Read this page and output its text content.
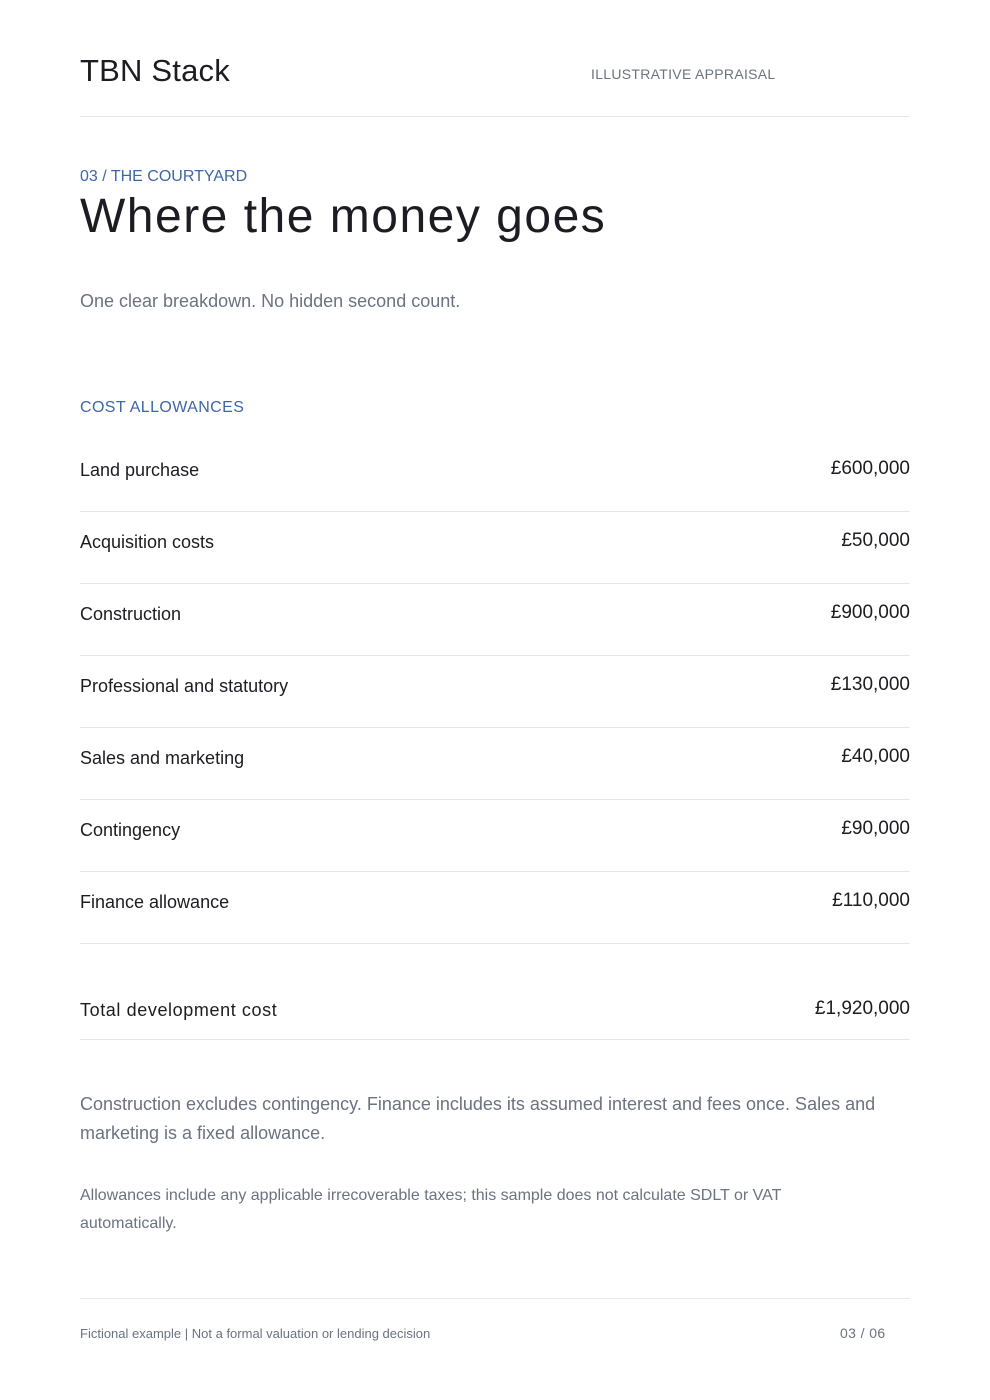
TBN Stack	ILLUSTRATIVE APPRAISAL
03 / THE COURTYARD
Where the money goes
One clear breakdown. No hidden second count.
COST ALLOWANCES
Land purchase	£600,000
Acquisition costs	£50,000
Construction	£900,000
Professional and statutory	£130,000
Sales and marketing	£40,000
Contingency	£90,000
Finance allowance	£110,000
Total development cost	£1,920,000
Construction excludes contingency. Finance includes its assumed interest and fees once. Sales and marketing is a fixed allowance.
Allowances include any applicable irrecoverable taxes; this sample does not calculate SDLT or VAT automatically.
Fictional example | Not a formal valuation or lending decision	03 / 06
